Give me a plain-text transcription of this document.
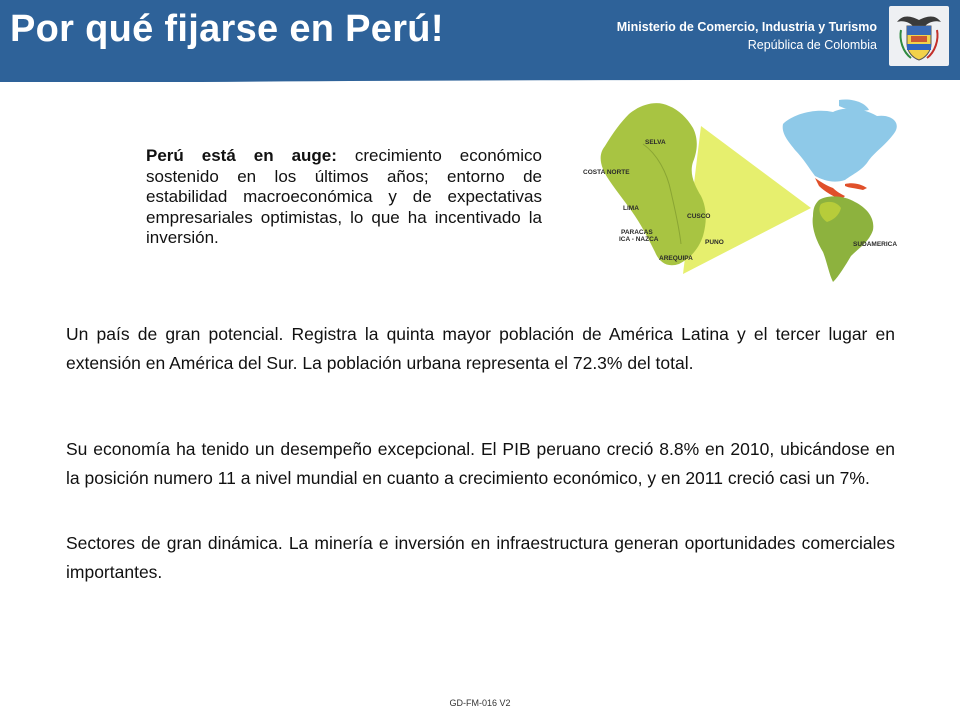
Por qué fijarse en Perú!	Ministerio de Comercio, Industria y Turismo
República de Colombia
Perú está en auge: crecimiento económico sostenido en los últimos años; entorno de estabilidad macroeconómica y de expectativas empresariales optimistas, lo que ha incentivado la inversión.
SELVA
COSTA NORTE
LIMA
CUSCO
PARACAS
ICA - NAZCA	PUNO
AREQUIPA
SUDAMERICA
Un país de gran potencial. Registra la quinta mayor población de América Latina y el tercer lugar en extensión en América del Sur. La población urbana representa el 72.3% del total.
Su economía ha tenido un desempeño excepcional. El PIB peruano creció 8.8% en 2010, ubicándose en la posición numero 11 a nivel mundial en cuanto a crecimiento económico, y en 2011 creció casi un 7%.
Sectores de gran dinámica. La minería e inversión en infraestructura generan oportunidades comerciales importantes.
GD-FM-016 V2
